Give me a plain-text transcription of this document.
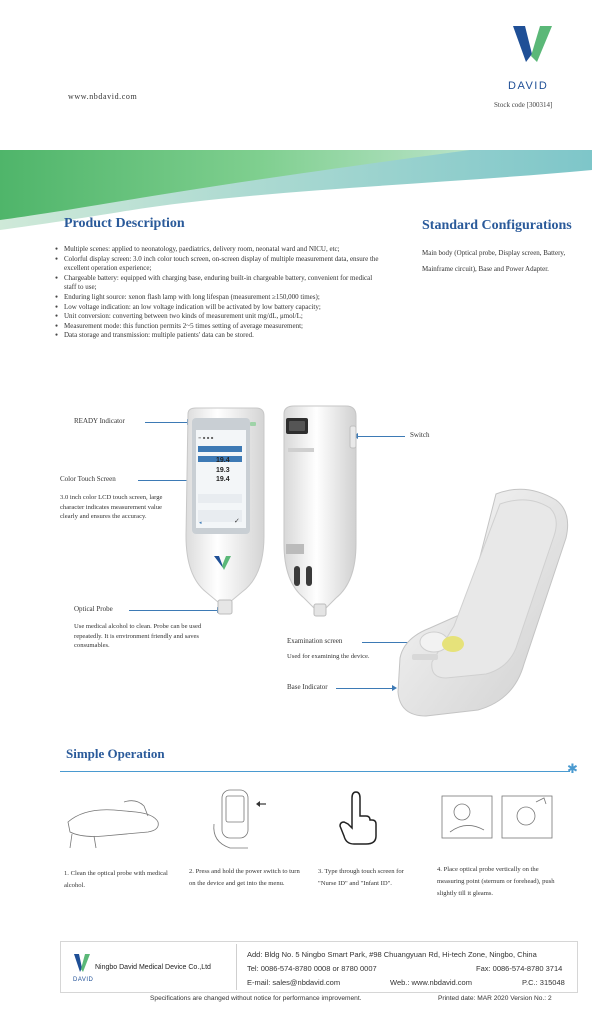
www.nbdavid.com
DAVID
Stock code [300314]
Product Description	Standard Configurations
● Multiple scenes: applied to neonatology, paediatrics, delivery room, neonatal ward and NICU, etc;
● Colorful display screen: 3.0 inch color touch screen, on-screen display of multiple measurement data, ensure the excellent operation experience;
● Chargeable battery: equipped with charging base, enduring built-in chargeable battery, convenient for medical staff to use;
● Enduring light source: xenon flash lamp with long lifespan (measurement ≥150,000 times);
● Low voltage indication: an low voltage indication will be activated by low battery capacity;
● Unit conversion: converting between two kinds of measurement unit mg/dL, μmol/L;
● Measurement mode: this function permits 2~5 times setting of average measurement;
● Data storage and transmission: multiple patients' data can be stored.
Main body (Optical probe, Display screen, Battery, Mainframe circuit), Base and Power Adapter.
READY Indicator
Color Touch Screen
3.0 inch color LCD touch screen, large character indicates measurement value clearly and ensures the accuracy.
Optical Probe
Use medical alcohol to clean. Probe can be used repeatedly. It is environment friendly and saves consumables.
Switch
Examination screen
Used for examining the device.
Base Indicator
◂	✓
≡ ▪ ▪ ▪
19.4
19.3
19.4
Simple Operation
✱
1. Clean the optical probe with medical alcohol.
2. Press and hold the power switch to turn on the device and get into the menu.
3. Type through touch screen for "Nurse ID" and "Infant ID".
4. Place optical probe vertically on the measuring point (sternum or forehead), push slightly till it gleams.
DAVID
Ningbo David Medical Device Co.,Ltd
Add: Bldg No. 5 Ningbo Smart Park, #98 Chuangyuan Rd, Hi-tech Zone, Ningbo, China
Tel: 0086-574-8780 0008 or 8780 0007	Fax: 0086-574-8780 3714
E-mail: sales@nbdavid.com	Web.: www.nbdavid.com	P.C.: 315048
Specifications are changed without notice for performance improvement.	Printed date: MAR 2020 Version No.: 2
